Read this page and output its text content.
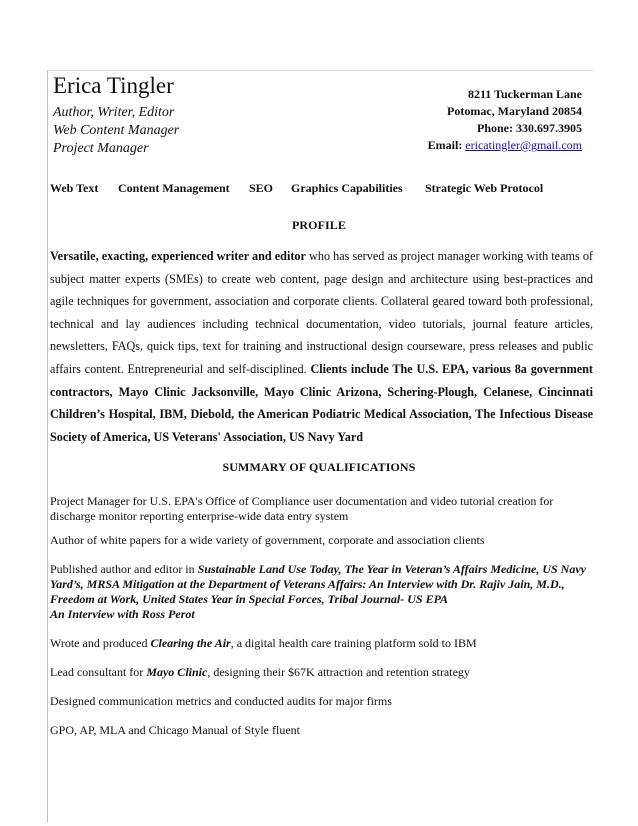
Erica Tingler
Author, Writer, Editor
Web Content Manager
Project Manager
8211 Tuckerman Lane
Potomac, Maryland 20854
Phone: 330.697.3905
Email: ericatingler@gmail.com
Web Text	Content Management	SEO	Graphics Capabilities	Strategic Web Protocol
PROFILE
Versatile, exacting, experienced writer and editor who has served as project manager working with teams of subject matter experts (SMEs) to create web content, page design and architecture using best-practices and agile techniques for government, association and corporate clients. Collateral geared toward both professional, technical and lay audiences including technical documentation, video tutorials, journal feature articles, newsletters, FAQs, quick tips, text for training and instructional design courseware, press releases and public affairs content. Entrepreneurial and self-disciplined. Clients include The U.S. EPA, various 8a government contractors, Mayo Clinic Jacksonville, Mayo Clinic Arizona, Schering-Plough, Celanese, Cincinnati Children’s Hospital, IBM, Diebold, the American Podiatric Medical Association, The Infectious Disease Society of America, US Veterans' Association, US Navy Yard
SUMMARY OF QUALIFICATIONS
Project Manager for U.S. EPA's Office of Compliance user documentation and video tutorial creation for discharge monitor reporting enterprise-wide data entry system
Author of white papers for a wide variety of government, corporate and association clients
Published author and editor in Sustainable Land Use Today, The Year in Veteran’s Affairs Medicine, US Navy Yard’s, MRSA Mitigation at the Department of Veterans Affairs: An Interview with Dr. Rajiv Jain, M.D., Freedom at Work, United States Year in Special Forces, Tribal Journal- US EPA
An Interview with Ross Perot
Wrote and produced Clearing the Air, a digital health care training platform sold to IBM
Lead consultant for Mayo Clinic, designing their $67K attraction and retention strategy
Designed communication metrics and conducted audits for major firms
GPO, AP, MLA and Chicago Manual of Style fluent
